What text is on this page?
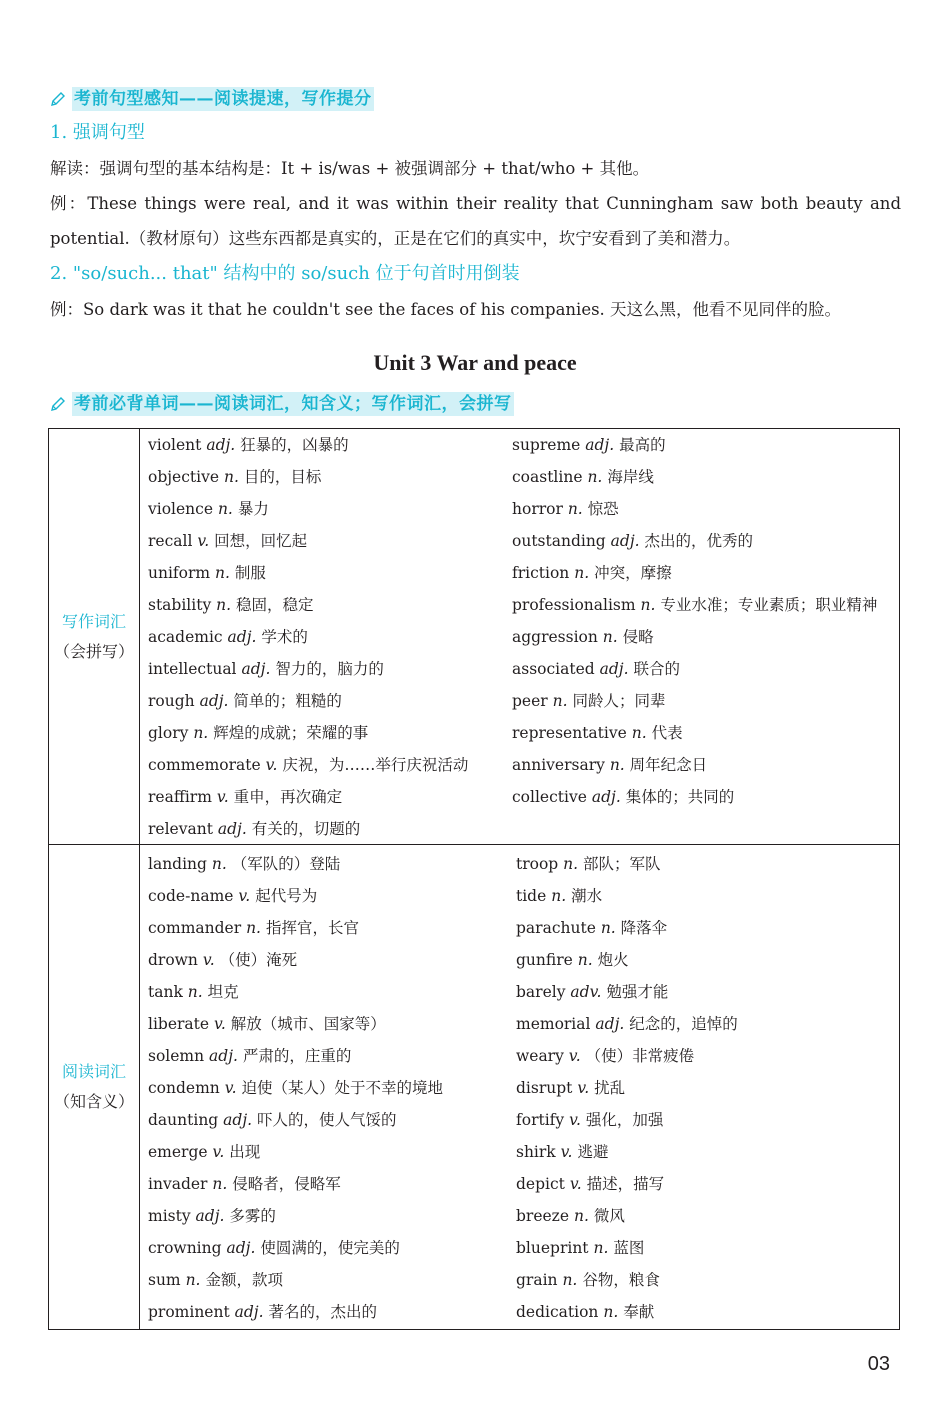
考前句型感知——阅读提速，写作提分
1. 强调句型
解读：强调句型的基本结构是：It + is/was + 被强调部分 + that/who + 其他。
例：These things were real, and it was within their reality that Cunningham saw both beauty and potential.（教材原句）这些东西都是真实的，正是在它们的真实中，坎宁安看到了美和潜力。
2. "so/such... that" 结构中的 so/such 位于句首时用倒装
例：So dark was it that he couldn't see the faces of his companies. 天这么黑，他看不见同伴的脸。
Unit 3 War and peace
考前必背单词——阅读词汇，知含义；写作词汇，会拼写
写作词汇
（会拼写）
violent adj. 狂暴的，凶暴的
objective n. 目的，目标
violence n. 暴力
recall v. 回想，回忆起
uniform n. 制服
stability n. 稳固，稳定
academic adj. 学术的
intellectual adj. 智力的，脑力的
rough adj. 简单的；粗糙的
glory n. 辉煌的成就；荣耀的事
commemorate v. 庆祝，为……举行庆祝活动
reaffirm v. 重申，再次确定
relevant adj. 有关的，切题的
supreme adj. 最高的
coastline n. 海岸线
horror n. 惊恐
outstanding adj. 杰出的，优秀的
friction n. 冲突，摩擦
professionalism n. 专业水准；专业素质；职业精神
aggression n. 侵略
associated adj. 联合的
peer n. 同龄人；同辈
representative n. 代表
anniversary n. 周年纪念日
collective adj. 集体的；共同的
阅读词汇
（知含义）
landing n. （军队的）登陆
code-name v. 起代号为
commander n. 指挥官，长官
drown v. （使）淹死
tank n. 坦克
liberate v. 解放（城市、国家等）
solemn adj. 严肃的，庄重的
condemn v. 迫使（某人）处于不幸的境地
daunting adj. 吓人的，使人气馁的
emerge v. 出现
invader n. 侵略者，侵略军
misty adj. 多雾的
crowning adj. 使圆满的，使完美的
sum n. 金额，款项
prominent adj. 著名的，杰出的
troop n. 部队；军队
tide n. 潮水
parachute n. 降落伞
gunfire n. 炮火
barely adv. 勉强才能
memorial adj. 纪念的，追悼的
weary v. （使）非常疲倦
disrupt v. 扰乱
fortify v. 强化，加强
shirk v. 逃避
depict v. 描述，描写
breeze n. 微风
blueprint n. 蓝图
grain n. 谷物，粮食
dedication n. 奉献
03
